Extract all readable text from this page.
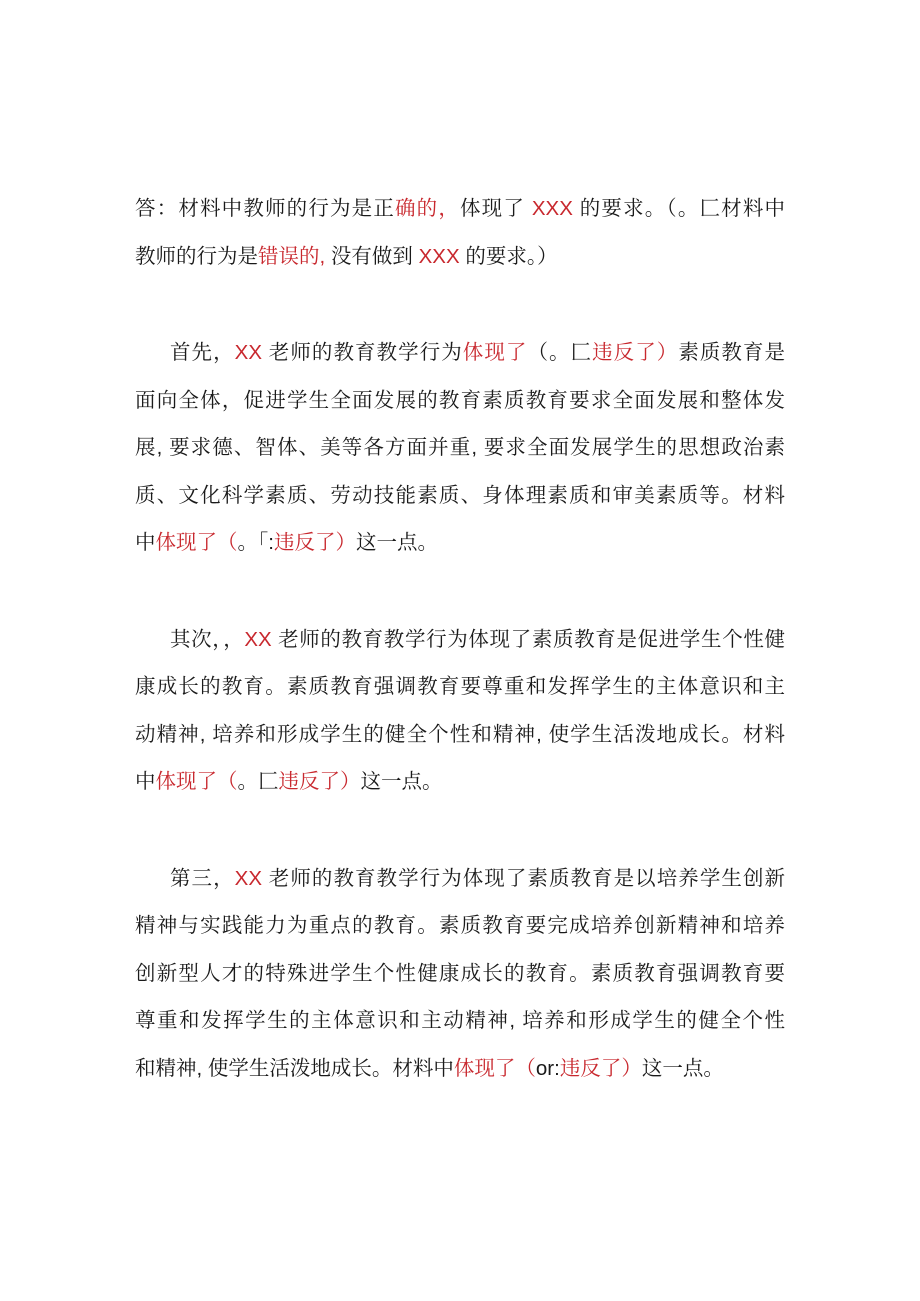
答：材料中教师的行为是正确的，体现了 XXX 的要求。（。匚材料中
教师的行为是错误的, 没有做到 XXX 的要求。）
首先，XX 老师的教育教学行为体现了（。匚违反了）素质教育是
面向全体，促进学生全面发展的教育素质教育要求全面发展和整体发
展, 要求德、智体、美等各方面并重, 要求全面发展学生的思想政治素
质、文化科学素质、劳动技能素质、身体理素质和审美素质等。材料
中体现了（。「:违反了）这一点。
其次，，XX 老师的教育教学行为体现了素质教育是促进学生个性健
康成长的教育。素质教育强调教育要尊重和发挥学生的主体意识和主
动精神, 培养和形成学生的健全个性和精神, 使学生活泼地成长。材料
中体现了（。匚违反了）这一点。
第三，XX 老师的教育教学行为体现了素质教育是以培养学生创新
精神与实践能力为重点的教育。素质教育要完成培养创新精神和培养
创新型人才的特殊进学生个性健康成长的教育。素质教育强调教育要
尊重和发挥学生的主体意识和主动精神, 培养和形成学生的健全个性
和精神, 使学生活泼地成长。材料中体现了（or:违反了）这一点。
